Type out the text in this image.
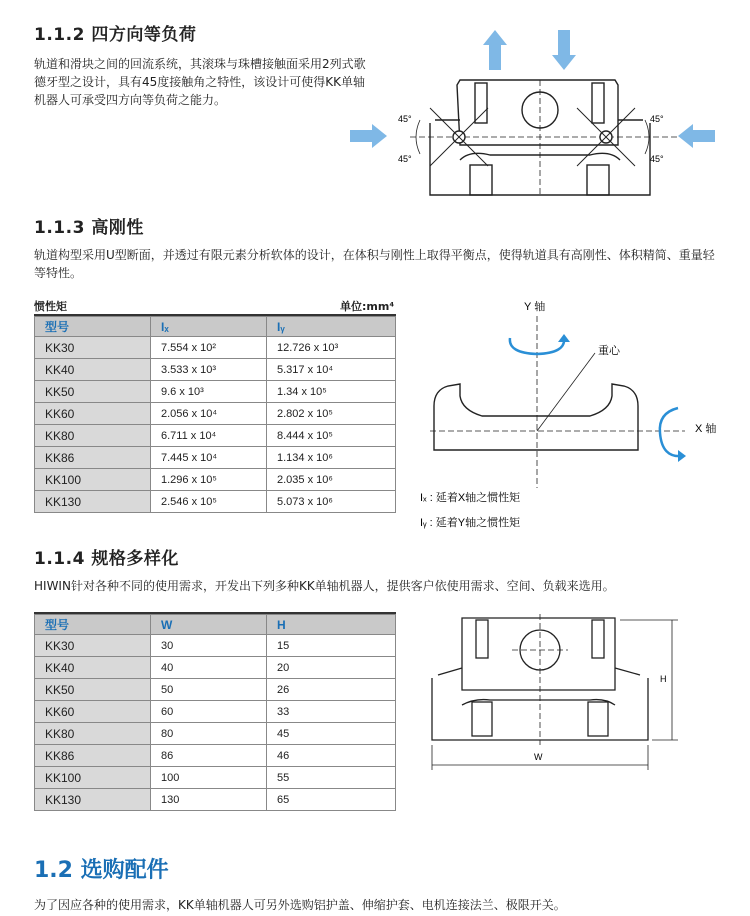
1.1.2 四方向等负荷
轨道和滑块之间的回流系统，其滚珠与珠槽接触面采用2列式歌德牙型之设计，具有45度接触角之特性，该设计可使得KK单轴机器人可承受四方向等负荷之能力。
45°
45°
45°
45°
1.1.3 高刚性
轨道构型采用U型断面，并透过有限元素分析软体的设计，在体积与刚性上取得平衡点，使得轨道具有高刚性、体积精简、重量轻等特性。
惯性矩	单位:mm⁴
型号	Iₓ	Iᵧ
KK30	7.554 x 10²	12.726 x 10³
KK40	3.533 x 10³	5.317 x 10⁴
KK50	9.6 x 10³	1.34 x 10⁵
KK60	2.056 x 10⁴	2.802 x 10⁵
KK80	6.711 x 10⁴	8.444 x 10⁵
KK86	7.445 x 10⁴	1.134 x 10⁶
KK100	1.296 x 10⁵	2.035 x 10⁶
KK130	2.546 x 10⁵	5.073 x 10⁶
Y 轴
X 轴
重心
Iₓ : 延着X轴之惯性矩
Iᵧ : 延着Y轴之惯性矩
1.1.4 规格多样化
HIWIN针对各种不同的使用需求，开发出下列多种KK单轴机器人，提供客户依使用需求、空间、负载来选用。
型号	W	H
KK30	30	15
KK40	40	20
KK50	50	26
KK60	60	33
KK80	80	45
KK86	86	46
KK100	100	55
KK130	130	65
W
H
1.2 选购配件
为了因应各种的使用需求，KK单轴机器人可另外选购铝护盖、伸缩护套、电机连接法兰、极限开关。
